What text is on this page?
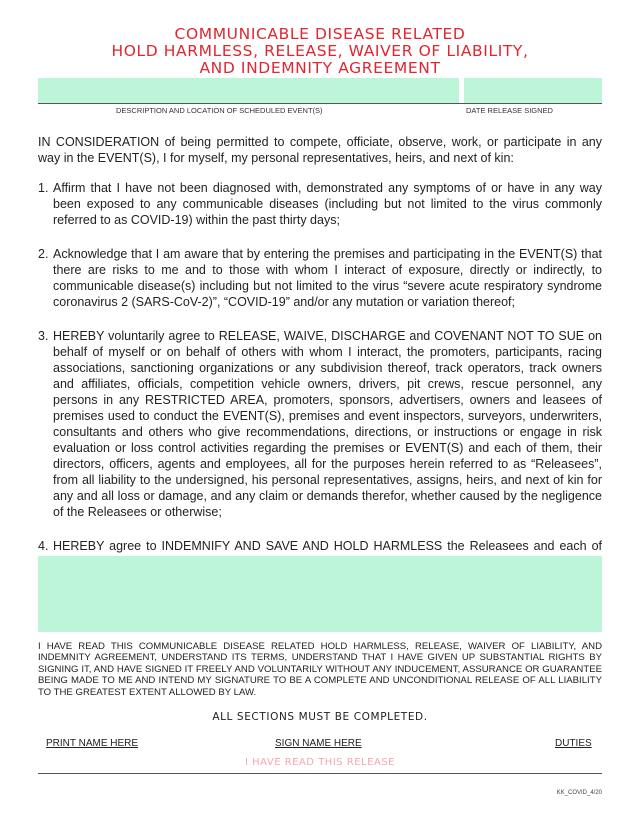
COMMUNICABLE DISEASE RELATED
HOLD HARMLESS, RELEASE, WAIVER OF LIABILITY,
AND INDEMNITY AGREEMENT
DESCRIPTION AND LOCATION OF SCHEDULED EVENT(S)	DATE RELEASE SIGNED
IN CONSIDERATION of being permitted to compete, officiate, observe, work, or participate in any way in the EVENT(S), I for myself, my personal representatives, heirs, and next of kin:
1. Affirm that I have not been diagnosed with, demonstrated any symptoms of or have in any way been exposed to any communicable diseases (including but not limited to the virus commonly referred to as COVID-19) within the past thirty days;
2. Acknowledge that I am aware that by entering the premises and participating in the EVENT(S) that there are risks to me and to those with whom I interact of exposure, directly or indirectly, to communicable disease(s) including but not limited to the virus “severe acute respiratory syndrome coronavirus 2 (SARS-CoV-2)”, “COVID-19” and/or any mutation or variation thereof;
3. HEREBY voluntarily agree to RELEASE, WAIVE, DISCHARGE and COVENANT NOT TO SUE on behalf of myself or on behalf of others with whom I interact, the promoters, participants, racing associations, sanctioning organizations or any subdivision thereof, track operators, track owners and affiliates, officials, competition vehicle owners, drivers, pit crews, rescue personnel, any persons in any RESTRICTED AREA, promoters, sponsors, advertisers, owners and leasees of premises used to conduct the EVENT(S), premises and event inspectors, surveyors, underwriters, consultants and others who give recommendations, directions, or instructions or engage in risk evaluation or loss control activities regarding the premises or EVENT(S) and each of them, their directors, officers, agents and employees, all for the purposes herein referred to as “Releasees”, from all liability to the undersigned, his personal representatives, assigns, heirs, and next of kin for any and all loss or damage, and any claim or demands therefor, whether caused by the negligence of the Releasees or otherwise;
4. HEREBY agree to INDEMNIFY AND SAVE AND HOLD HARMLESS the Releasees and each of
I HAVE READ THIS COMMUNICABLE DISEASE RELATED HOLD HARMLESS, RELEASE, WAIVER OF LIABILITY, AND INDEMNITY AGREEMENT, UNDERSTAND ITS TERMS, UNDERSTAND THAT I HAVE GIVEN UP SUBSTANTIAL RIGHTS BY SIGNING IT, AND HAVE SIGNED IT FREELY AND VOLUNTARILY WITHOUT ANY INDUCEMENT, ASSURANCE OR GUARANTEE BEING MADE TO ME AND INTEND MY SIGNATURE TO BE A COMPLETE AND UNCONDITIONAL RELEASE OF ALL LIABILITY TO THE GREATEST EXTENT ALLOWED BY LAW.
ALL SECTIONS MUST BE COMPLETED.
PRINT NAME HERE	SIGN NAME HERE	DUTIES
I HAVE READ THIS RELEASE
KK_COVID_4/20
